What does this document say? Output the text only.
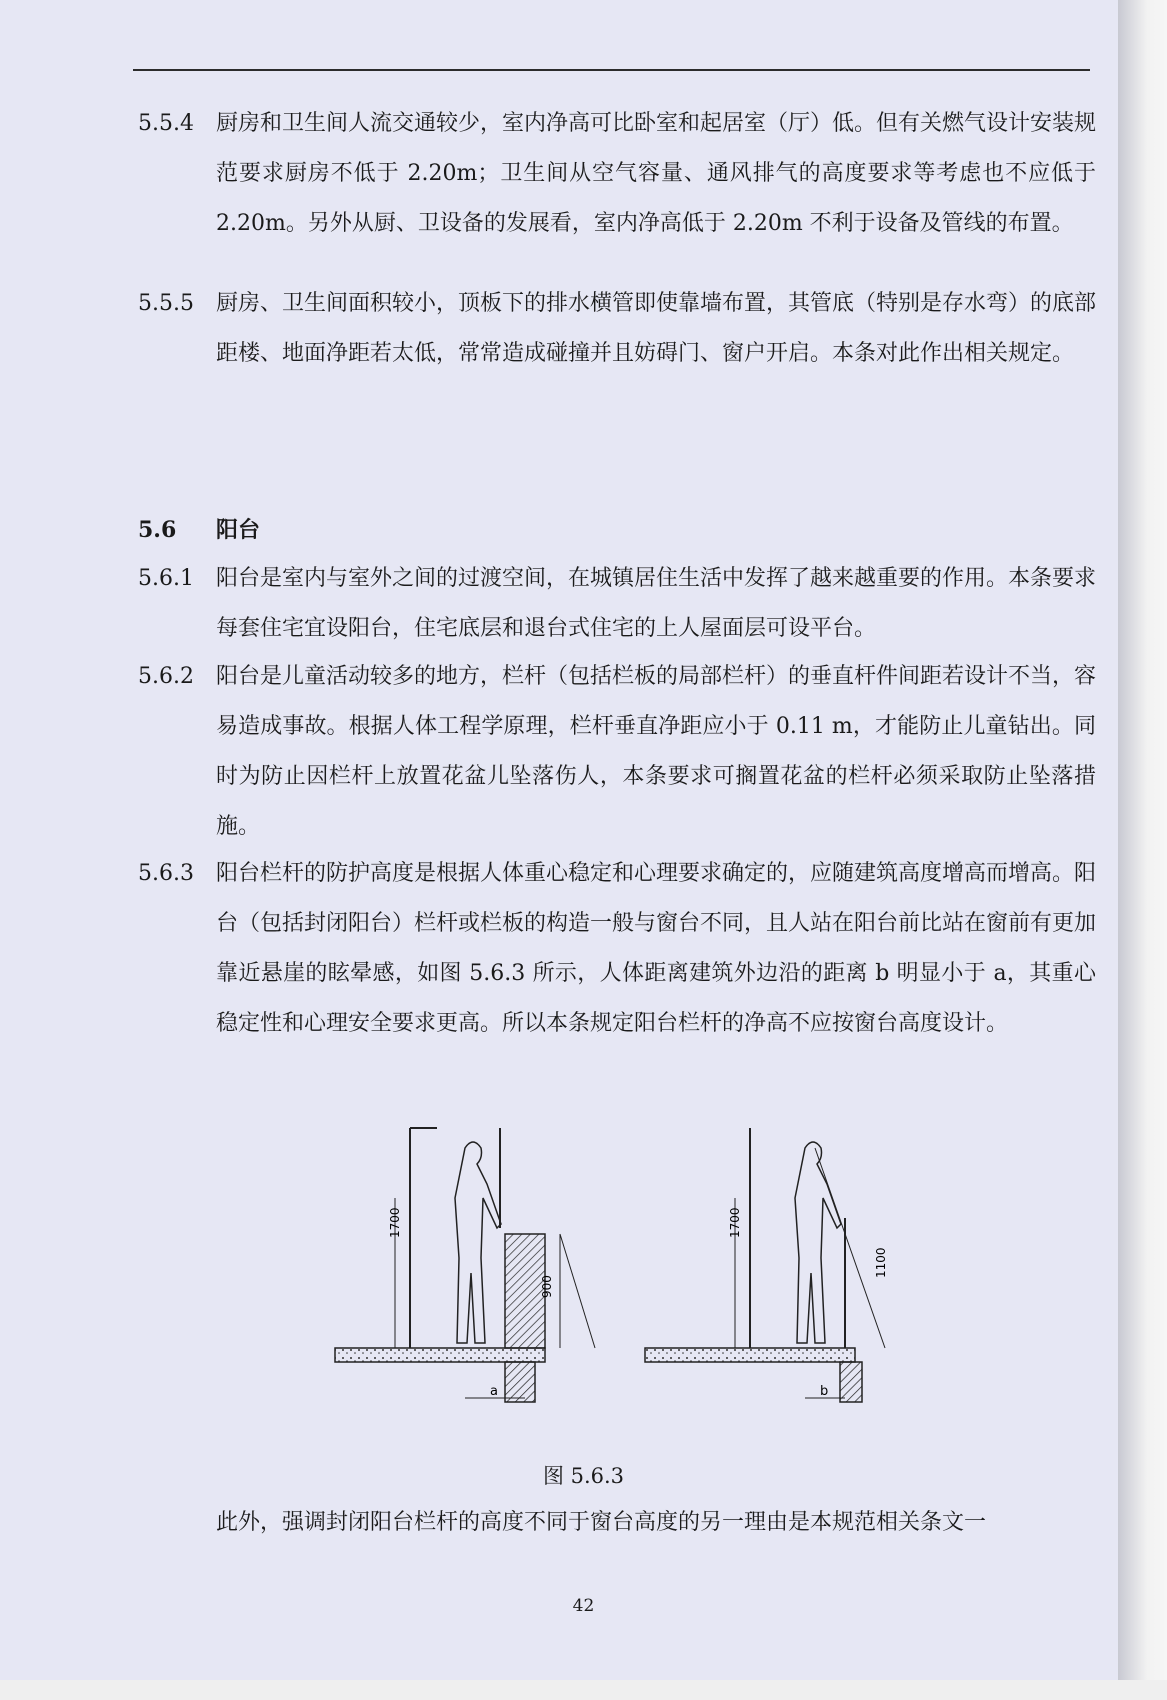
5.5.4	厨房和卫生间人流交通较少，室内净高可比卧室和起居室（厅）低。但有关燃气设计安装规范要求厨房不低于 2.20m；卫生间从空气容量、通风排气的高度要求等考虑也不应低于 2.20m。另外从厨、卫设备的发展看，室内净高低于 2.20m 不利于设备及管线的布置。
5.5.5	厨房、卫生间面积较小，顶板下的排水横管即使靠墙布置，其管底（特别是存水弯）的底部距楼、地面净距若太低，常常造成碰撞并且妨碍门、窗户开启。本条对此作出相关规定。
5.6	阳台
5.6.1	阳台是室内与室外之间的过渡空间，在城镇居住生活中发挥了越来越重要的作用。本条要求每套住宅宜设阳台，住宅底层和退台式住宅的上人屋面层可设平台。
5.6.2	阳台是儿童活动较多的地方，栏杆（包括栏板的局部栏杆）的垂直杆件间距若设计不当，容易造成事故。根据人体工程学原理，栏杆垂直净距应小于 0.11 m，才能防止儿童钻出。同时为防止因栏杆上放置花盆儿坠落伤人，本条要求可搁置花盆的栏杆必须采取防止坠落措施。
5.6.3	阳台栏杆的防护高度是根据人体重心稳定和心理要求确定的，应随建筑高度增高而增高。阳台（包括封闭阳台）栏杆或栏板的构造一般与窗台不同，且人站在阳台前比站在窗前有更加靠近悬崖的眩晕感，如图 5.6.3 所示，人体距离建筑外边沿的距离 b 明显小于 a，其重心稳定性和心理安全要求更高。所以本条规定阳台栏杆的净高不应按窗台高度设计。
1700
900
a
1700
1100
b
图 5.6.3
此外，强调封闭阳台栏杆的高度不同于窗台高度的另一理由是本规范相关条文一
42
